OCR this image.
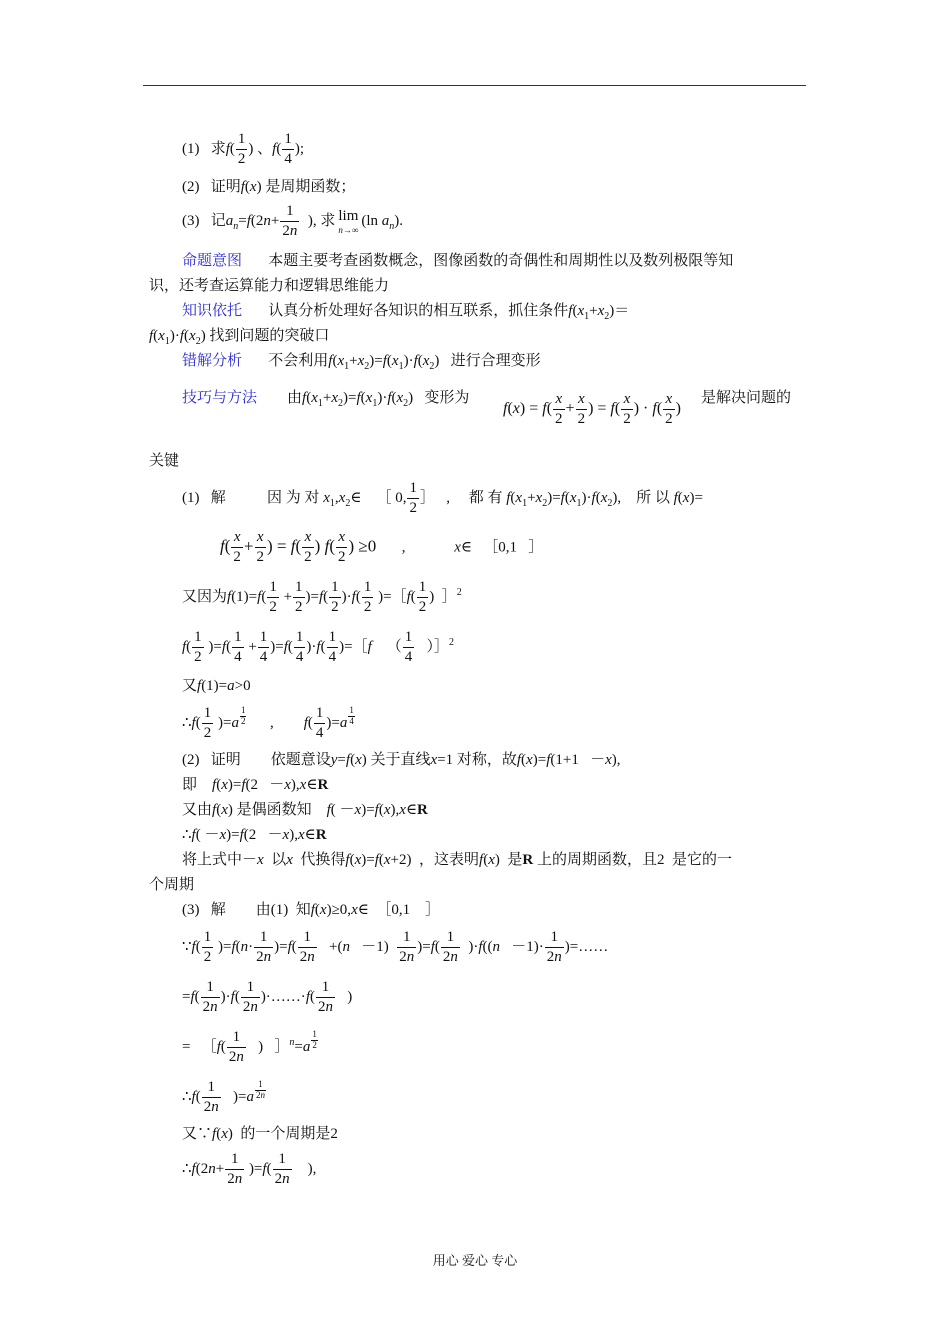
(1)   求$f( \frac{1}{2}$ ) 、$f( \frac{1}{4}$ );
(2)   证明f(x) 是周期函数；
(3)   记$a_n=f(2n+ \frac{1}{2n}$ ), 求 lim
n→∞
(ln $a_n$).
命题意图 本题主要考查函数概念，图像函数的奇偶性和周期性以及数列极限等知
识，还考查运算能力和逻辑思维能力
知识依托       认真分析处理好各知识的相互联系，抓住条件$f(x_1+x_2)=$
$f(x_1)\cdot f(x_2)$ 找到问题的突破口
错解分析       不会利用$f(x_1+x_2)=f(x_1)\cdot f(x_2)$   进行合理变形
技巧与方法        由$f(x_1+x_2)=f(x_1)\cdot f(x_2)$   变形为
$f(x) = f( \frac{x}{2} + \frac{x}{2}$ ) = $f( \frac{x}{2}$ ) · $f( \frac{x}{2}$ )
是解决问题的
关键
(1)   解           因 为 对 $x_1,x_2\in$    ［ 0, $\frac{1}{2}$ ］   ,     都 有 $f(x_1+x_2)=f(x_1)\cdot f(x_2)$,    所 以 f(x)=
$f( \frac{x}{2} + \frac{x}{2}$ ) = $f( \frac{x}{2}$ ) $f( \frac{x}{2}$ ) ≥0      ,             x∈   ［0,1   ］
又因为$f(1)=f( \frac{1}{2} + \frac{1}{2} )=f( \frac{1}{2} )\cdot f( \frac{1}{2}$ )=［f( $\frac{1}{2}$ )  ］$^2$
$f( \frac{1}{2} )=f( \frac{1}{4} + \frac{1}{4} )=f( \frac{1}{4} )\cdot f( \frac{1}{4}$ )=［f    （ $\frac{1}{4}$ ）］$^2$
又f(1)=a>0
∴f( $\frac{1}{2} )=a \frac{1}{2}$ ,        $f( \frac{1}{4} )=a \frac{1}{4}$
(2)   证明        依题意设y=f(x) 关于直线x=1 对称，故f(x)=f(1+1   －x),
即    f(x)=f(2   －x),x∈R
又由f(x) 是偶函数知    f( －x)=f(x),x∈R
∴f( －x)=f(2   －x),x∈R
将上式中－x  以x  代换得f(x)=f(x+2)  ，这表明f(x)  是R 上的周期函数，且2  是它的一
个周期
(3)   解        由(1)  知f(x)≥0,x∈  ［0,1    ］
∵f( $\frac{1}{2} )=f(n\cdot \frac{1}{2n} )=f( \frac{1}{2n} +(n -1) \frac{1}{2n} )=f( \frac{1}{2n} )\cdot f((n -1)\cdot \frac{1}{2n}$ )=……
$=f( \frac{1}{2n} )\cdot f( \frac{1}{2n}$ )·……·f( $\frac{1}{2n}$ )
=   ［f( $\frac{1}{2n}$ )   ］$^n$=a $\frac{1}{2}$
∴f( $\frac{1}{2n} )=a \frac{1}{2n}$
又∵f(x)  的一个周期是2
∴f(2n+ $\frac{1}{2n} )=f( \frac{1}{2n}$ ),
用心 爱心 专心
